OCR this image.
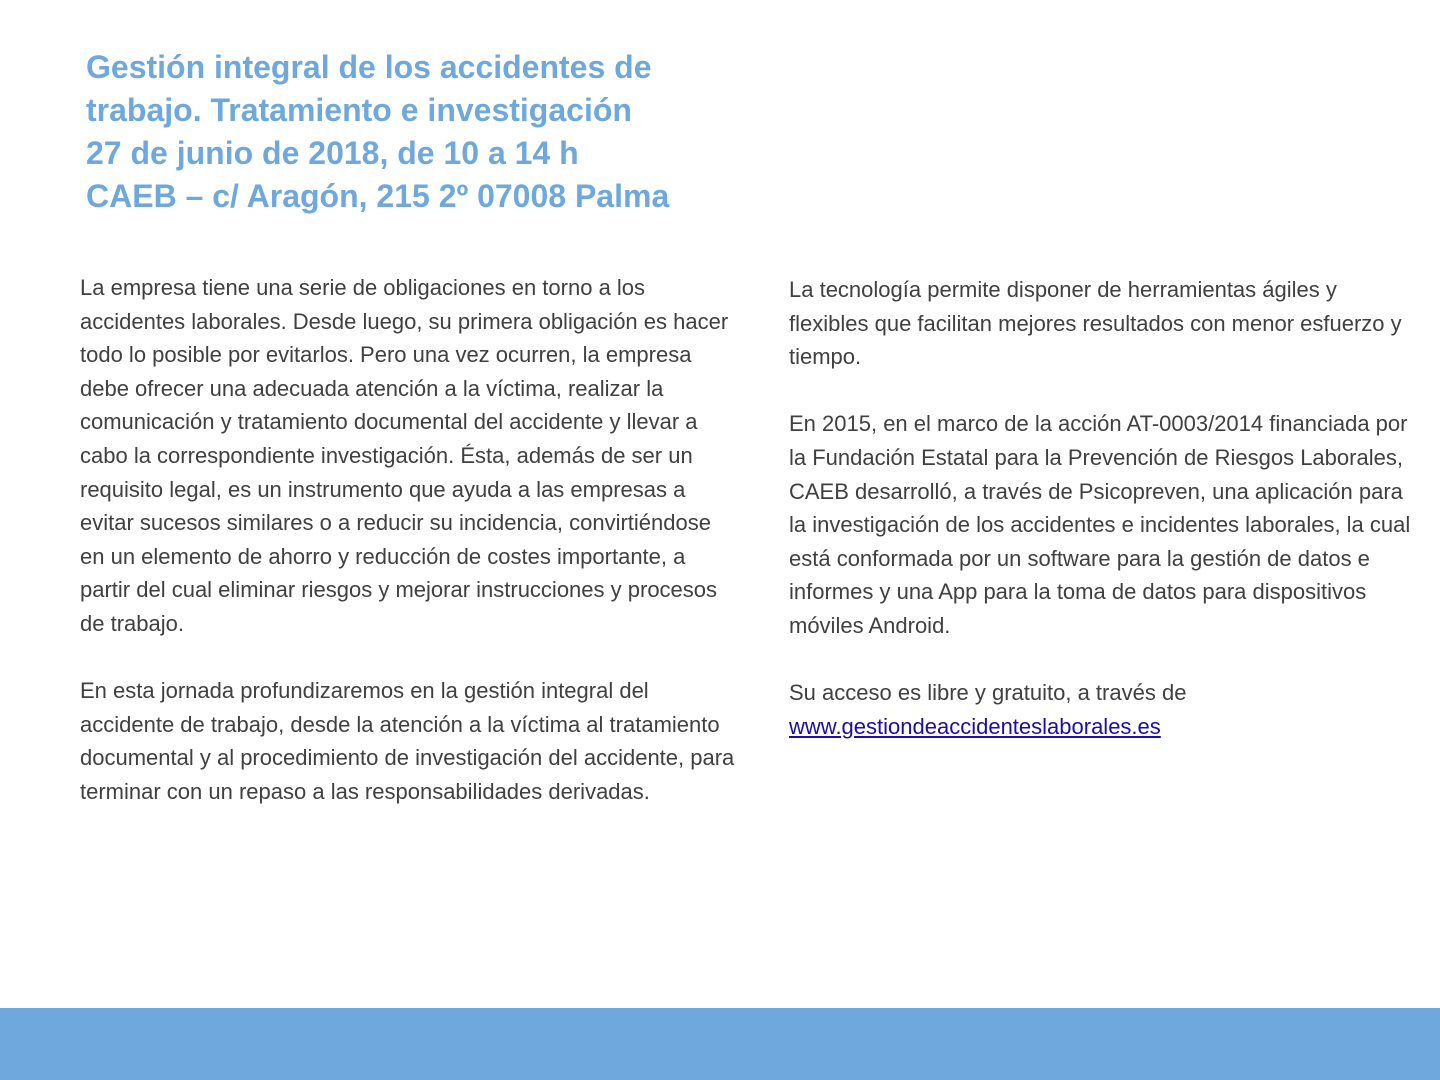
Gestión integral de los accidentes de
trabajo. Tratamiento e investigación
27 de junio de 2018, de 10 a 14 h
CAEB – c/ Aragón, 215 2º 07008 Palma

La empresa tiene una serie de obligaciones en torno a los accidentes laborales. Desde luego, su primera obligación es hacer todo lo posible por evitarlos. Pero una vez ocurren, la empresa debe ofrecer una adecuada atención a la víctima, realizar la comunicación y tratamiento documental del accidente y llevar a cabo la correspondiente investigación. Ésta, además de ser un requisito legal, es un instrumento que ayuda a las empresas a evitar sucesos similares o a reducir su incidencia, convirtiéndose en un elemento de ahorro y reducción de costes importante, a partir del cual eliminar riesgos y mejorar instrucciones y procesos de trabajo.

En esta jornada profundizaremos en la gestión integral del accidente de trabajo, desde la atención a la víctima al tratamiento documental y al procedimiento de investigación del accidente, para terminar con un repaso a las responsabilidades derivadas.

La tecnología permite disponer de herramientas ágiles y flexibles que facilitan mejores resultados con menor esfuerzo y tiempo.

En 2015, en el marco de la acción AT-0003/2014 financiada por la Fundación Estatal para la Prevención de Riesgos Laborales, CAEB desarrolló, a través de Psicopreven, una aplicación para la investigación de los accidentes e incidentes laborales, la cual está conformada por un software para la gestión de datos e informes y una App para la toma de datos para dispositivos móviles Android.

Su acceso es libre y gratuito, a través de
www.gestiondeaccidenteslaborales.es
